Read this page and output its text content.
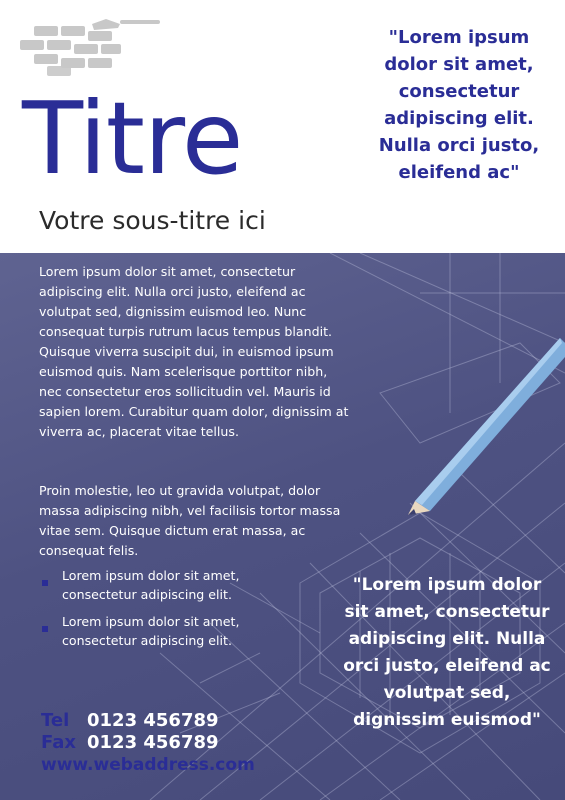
Titre
Votre sous-titre ici
"Lorem ipsum dolor sit amet, consectetur adipiscing elit. Nulla orci justo, eleifend ac"

Lorem ipsum dolor sit amet, consectetur adipiscing elit. Nulla orci justo, eleifend ac volutpat sed, dignissim euismod leo. Nunc consequat turpis rutrum lacus tempus blandit. Quisque viverra suscipit dui, in euismod ipsum euismod quis. Nam scelerisque porttitor nibh, nec consectetur eros sollicitudin vel. Mauris id sapien lorem. Curabitur quam dolor, dignissim at viverra ac, placerat vitae tellus.

Proin molestie, leo ut gravida volutpat, dolor massa adipiscing nibh, vel facilisis tortor massa vitae sem. Quisque dictum erat massa, ac consequat felis.

Lorem ipsum dolor sit amet, consectetur adipiscing elit.
Lorem ipsum dolor sit amet, consectetur adipiscing elit.
Tel 0123 456789
Fax 0123 456789
www.webaddress.com
"Lorem ipsum dolor sit amet, consectetur adipiscing elit. Nulla orci justo, eleifend ac volutpat sed, dignissim euismod"
